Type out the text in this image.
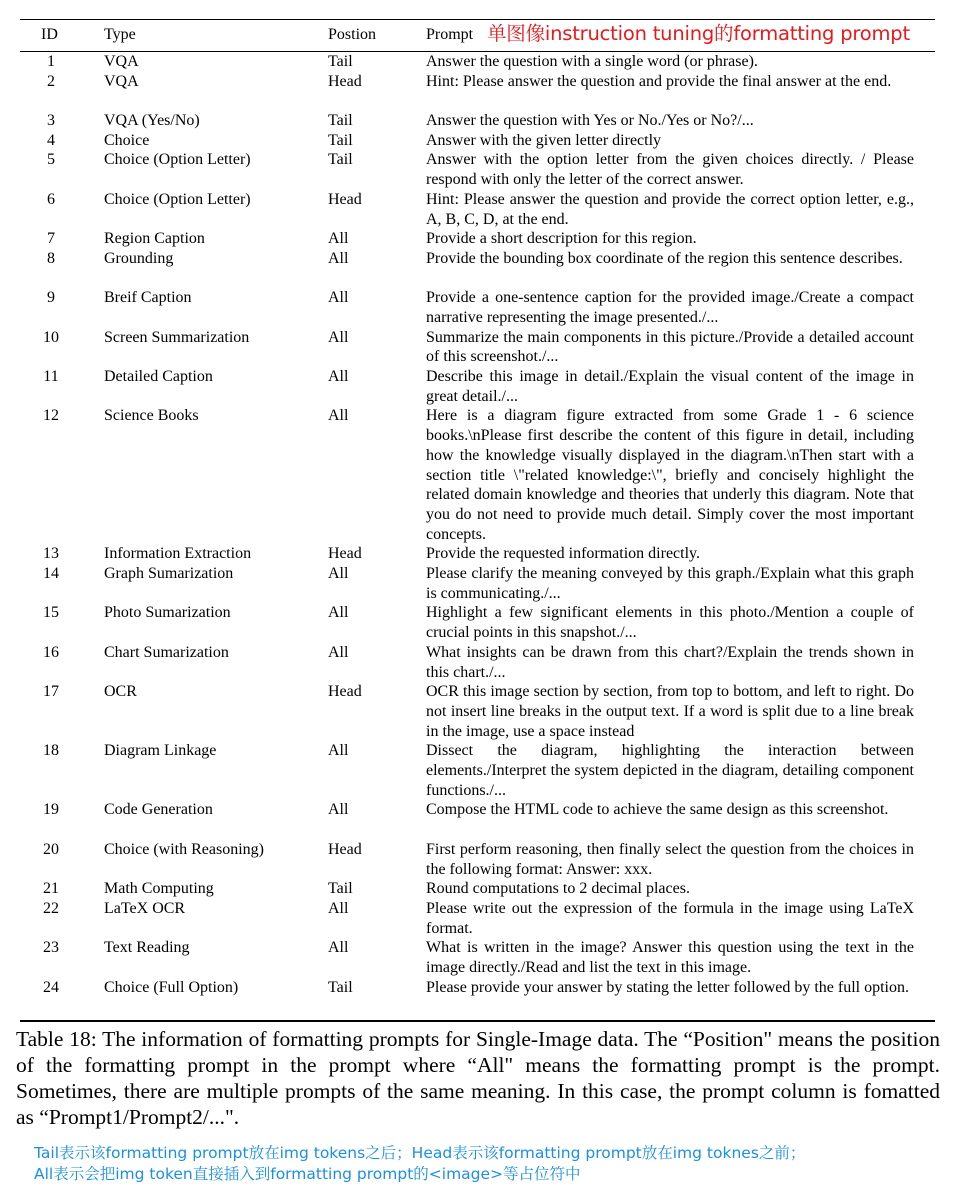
ID	Type	Postion	Prompt 单图像instruction tuning的formatting prompt
1	VQA	Tail	Answer the question with a single word (or phrase).
2	VQA	Head	Hint: Please answer the question and provide the final answer at the end.
3	VQA (Yes/No)	Tail	Answer the question with Yes or No./Yes or No?/...
4	Choice	Tail	Answer with the given letter directly
5	Choice (Option Letter)	Tail	Answer with the option letter from the given choices directly. / Please respond with only the letter of the correct answer.
6	Choice (Option Letter)	Head	Hint: Please answer the question and provide the correct option letter, e.g., A, B, C, D, at the end.
7	Region Caption	All	Provide a short description for this region.
8	Grounding	All	Provide the bounding box coordinate of the region this sentence describes.
9	Breif Caption	All	Provide a one-sentence caption for the provided image./Create a compact narrative representing the image presented./...
10	Screen Summarization	All	Summarize the main components in this picture./Provide a detailed account of this screenshot./...
11	Detailed Caption	All	Describe this image in detail./Explain the visual content of the image in great detail./...
12	Science Books	All	Here is a diagram figure extracted from some Grade 1 - 6 science books.\nPlease first describe the content of this figure in detail, including how the knowledge visually displayed in the diagram.\nThen start with a section title \"related knowledge:\", briefly and concisely highlight the related domain knowledge and theories that underly this diagram. Note that you do not need to provide much detail. Simply cover the most important concepts.
13	Information Extraction	Head	Provide the requested information directly.
14	Graph Sumarization	All	Please clarify the meaning conveyed by this graph./Explain what this graph is communicating./...
15	Photo Sumarization	All	Highlight a few significant elements in this photo./Mention a couple of crucial points in this snapshot./...
16	Chart Sumarization	All	What insights can be drawn from this chart?/Explain the trends shown in this chart./...
17	OCR	Head	OCR this image section by section, from top to bottom, and left to right. Do not insert line breaks in the output text. If a word is split due to a line break in the image, use a space instead
18	Diagram Linkage	All	Dissect the diagram, highlighting the interaction between elements./Interpret the system depicted in the diagram, detailing component functions./...
19	Code Generation	All	Compose the HTML code to achieve the same design as this screenshot.
20	Choice (with Reasoning)	Head	First perform reasoning, then finally select the question from the choices in the following format: Answer: xxx.
21	Math Computing	Tail	Round computations to 2 decimal places.
22	LaTeX OCR	All	Please write out the expression of the formula in the image using LaTeX format.
23	Text Reading	All	What is written in the image? Answer this question using the text in the image directly./Read and list the text in this image.
24	Choice (Full Option)	Tail	Please provide your answer by stating the letter followed by the full option.
Table 18: The information of formatting prompts for Single-Image data. The “Position" means the position of the formatting prompt in the prompt where “All" means the formatting prompt is the prompt. Sometimes, there are multiple prompts of the same meaning. In this case, the prompt column is fomatted as “Prompt1/Prompt2/...".
Tail表示该formatting prompt放在img tokens之后；Head表示该formatting prompt放在img toknes之前；
All表示会把img token直接插入到formatting prompt的<image>等占位符中
